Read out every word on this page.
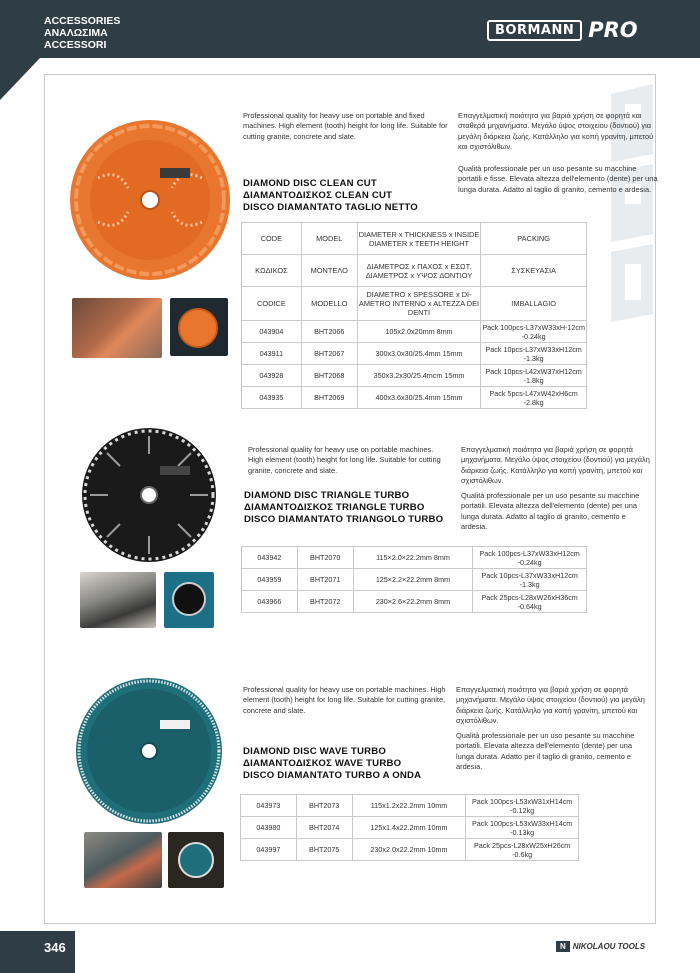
ACCESSORIES
ΑΝΑΛΩΣΙΜΑ
ACCESSORI
BORMANN PRO
Professional quality for heavy use on portable and fixed machines. High element (tooth) height for long life. Suitable for cutting granite, concrete and slate.
Επαγγελματική ποιότητα για βαριά χρήση σε φορητά και σταθερά μηχανήματα. Μεγάλο ύψος στοιχείου (δοντιού) για μεγάλη διάρκεια ζωής. Κατάλληλο για κοπή γρανίτη, μπετού και σχιστόλιθων.
Qualità professionale per un uso pesante su macchine portatili e fisse. Elevata altezza dell'elemento (dente) per una lunga durata. Adatto al taglio di granito, cemento e ardesia.
DIAMOND DISC CLEAN CUT
ΔΙΑΜΑΝΤΟΔΙΣΚΟΣ CLEAN CUT
DISCO DIAMANTATO TAGLIO NETTO
CODE	MODEL	DIAMETER x THICKNESS x INSIDE DIAMETER x TEETH HEIGHT	PACKING
ΚΩΔΙΚΟΣ	ΜΟΝΤΕΛΟ	ΔΙΑΜΕΤΡΟΣ x ΠΑΧΟΣ x ΕΣΩΤ. ΔΙΑΜΕΤΡΟΣ x ΥΨΟΣ ΔΟΝΤΙΟΥ	ΣΥΣΚΕΥΑΣΙΑ
CODICE	MODELLO	DIAMETRO x SPESSORE x DI-AMETRO INTERNO x ALTEZZA DEI DENTI	IMBALLAGIO
043904	BHT2066	105x2.0x20mm 8mm	Pack 100pcs-L37xW33xH-12cm -0.24kg
043911	BHT2067	300x3.0x30/25.4mm 15mm	Pack 10pcs-L37xW33xH12cm -1.3kg
043928	BHT2068	350x3.2x30/25.4mcm 15mm	Pack 10pcs-L42xW37xH12cm -1.8kg
043935	BHT2069	400x3.6x30/25.4mm 15mm	Pack 5pcs-L47xW42xH6cm -2.8kg
Professional quality for heavy use on portable machines. High element (tooth) height for long life. Suitable for cutting granite, concrete and slate.
Επαγγελματική ποιότητα για βαριά χρήση σε φορητά μηχανήματα. Μεγάλο ύψος στοιχείου (δοντιού) για μεγάλη διάρκεια ζωής. Κατάλληλο για κοπή γρανίτη, μπετού και σχιστόλιθων.
Qualità professionale per un uso pesante su macchine portatili. Elevata altezza dell'elemento (dente) per una lunga durata. Adatto al taglio di granito, cemento e ardesia.
DIAMOND DISC TRIANGLE TURBO
ΔΙΑΜΑΝΤΟΔΙΣΚΟΣ TRIANGLE TURBO
DISCO DIAMANTATO TRIANGOLO TURBO
043942	BHT2070	115×2.0×22.2mm 8mm	Pack 100pcs-L37xW33xH12cm -0.24kg
043959	BHT2071	125×2.2×22.2mm 8mm	Pack 10pcs-L37xW33xH12cm -1.3kg
043966	BHT2072	230×2.6×22.2mm 8mm	Pack 25pcs-L28xW26xH36cm -0.64kg
Professional quality for heavy use on portable machines. High element (tooth) height for long life. Suitable for cutting granite, concrete and slate.
Επαγγελματική ποιότητα για βαριά χρήση σε φορητά μηχανήματα. Μεγάλο ύψος στοιχείου (δοντιού) για μεγάλη διάρκεια ζωής. Κατάλληλο για κοπή γρανίτη, μπετού και σχιστόλιθων.
Qualità professionale per un uso pesante su macchine portatili. Elevata altezza dell'elemento (dente) per una lunga durata. Adatto per il taglio di granito, cemento e ardesia.
DIAMOND DISC WAVE TURBO
ΔΙΑΜΑΝΤΟΔΙΣΚΟΣ WAVE TURBO
DISCO DIAMANTATO TURBO A ONDA
043973	BHT2073	115x1.2x22.2mm 10mm	Pack 100pcs-L53xW31xH14cm -0.12kg
043980	BHT2074	125x1.4x22.2mm 10mm	Pack 100pcs-L53xW33xH14cm -0.13kg
043997	BHT2075	230x2.0x22.2mm 10mm	Pack 25pcs-L28xW25xH26cm -0.6kg
346	N NIKOLAOU TOOLS
